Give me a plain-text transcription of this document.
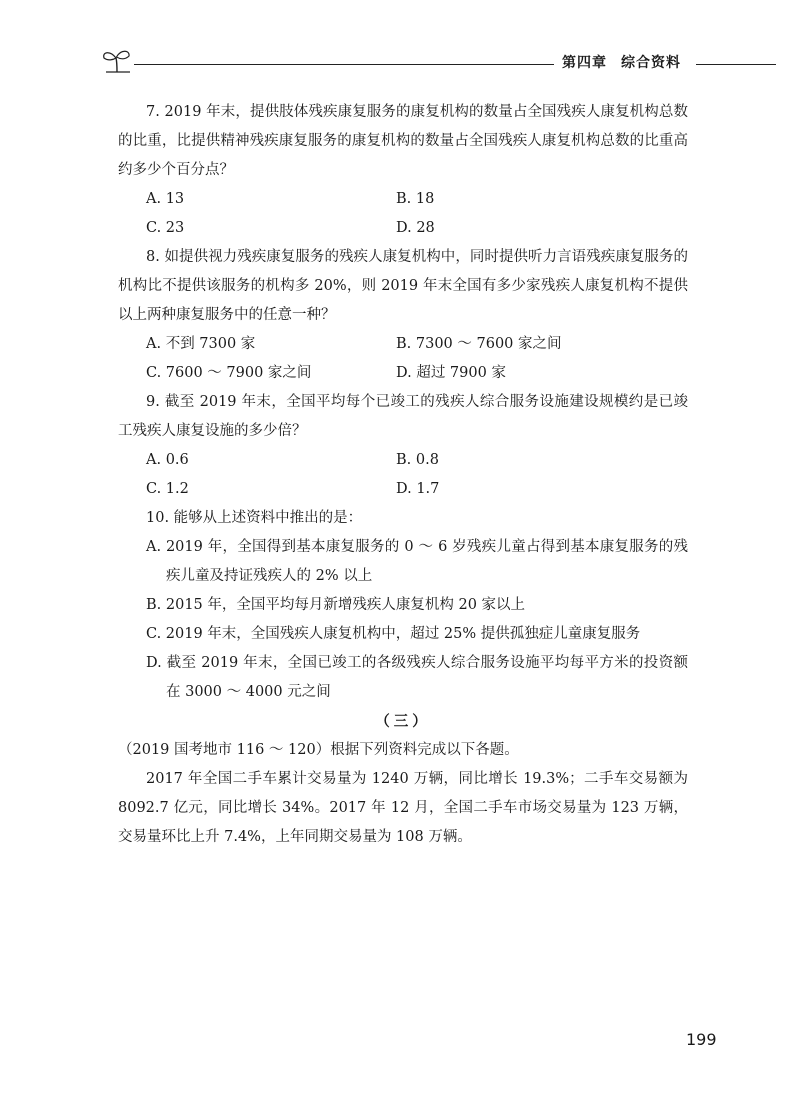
第四章 综合资料

7. 2019 年末，提供肢体残疾康复服务的康复机构的数量占全国残疾人康复机构总数的比重，比提供精神残疾康复服务的康复机构的数量占全国残疾人康复机构总数的比重高约多少个百分点？

A. 13	B. 18
C. 23	D. 28

8. 如提供视力残疾康复服务的残疾人康复机构中，同时提供听力言语残疾康复服务的机构比不提供该服务的机构多 20%，则 2019 年末全国有多少家残疾人康复机构不提供以上两种康复服务中的任意一种？

A. 不到 7300 家	B. 7300 ～ 7600 家之间
C. 7600 ～ 7900 家之间	D. 超过 7900 家

9. 截至 2019 年末，全国平均每个已竣工的残疾人综合服务设施建设规模约是已竣工残疾人康复设施的多少倍？

A. 0.6	B. 0.8
C. 1.2	D. 1.7

10. 能够从上述资料中推出的是：

A. 2019 年，全国得到基本康复服务的 0 ～ 6 岁残疾儿童占得到基本康复服务的残疾儿童及持证残疾人的 2% 以上

B. 2015 年，全国平均每月新增残疾人康复机构 20 家以上

C. 2019 年末，全国残疾人康复机构中，超过 25% 提供孤独症儿童康复服务

D. 截至 2019 年末，全国已竣工的各级残疾人综合服务设施平均每平方米的投资额在 3000 ～ 4000 元之间

（三）

（2019 国考地市 116 ～ 120）根据下列资料完成以下各题。

2017 年全国二手车累计交易量为 1240 万辆，同比增长 19.3%；二手车交易额为 8092.7 亿元，同比增长 34%。2017 年 12 月，全国二手车市场交易量为 123 万辆，交易量环比上升 7.4%，上年同期交易量为 108 万辆。

199
